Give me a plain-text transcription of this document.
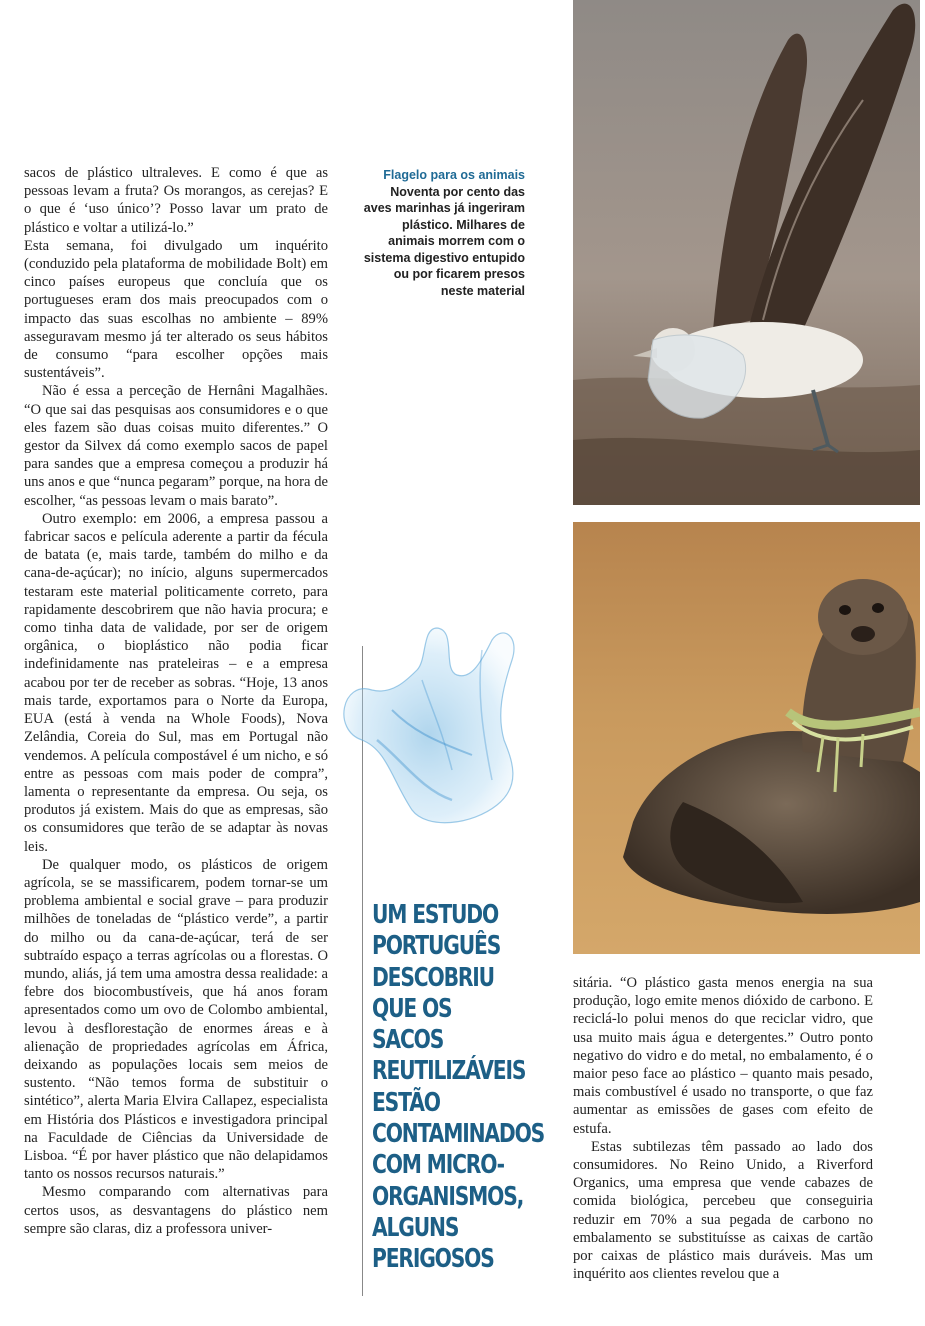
sacos de plástico ultraleves. E como é que as pessoas levam a fruta? Os morangos, as cerejas? E o que é ‘uso único’? Posso lavar um prato de plástico e voltar a utilizá-lo.”

Esta semana, foi divulgado um inquérito (conduzido pela plataforma de mobilidade Bolt) em cinco países europeus que concluía que os portugueses eram dos mais preocupados com o impacto das suas escolhas no ambiente – 89% asseguravam mesmo já ter alterado os seus hábitos de consumo “para escolher opções mais sustentáveis”.

Não é essa a perceção de Hernâni Magalhães. “O que sai das pesquisas aos consumidores e o que eles fazem são duas coisas muito diferentes.” O gestor da Silvex dá como exemplo sacos de papel para sandes que a empresa começou a produzir há uns anos e que “nunca pegaram” porque, na hora de escolher, “as pessoas levam o mais barato”.

Outro exemplo: em 2006, a empresa passou a fabricar sacos e película aderente a partir da fécula de batata (e, mais tarde, também do milho e da cana-de-açúcar); no início, alguns supermercados testaram este material politicamente correto, para rapidamente descobrirem que não havia procura; e como tinha data de validade, por ser de origem orgânica, o bioplástico não podia ficar indefinidamente nas prateleiras – e a empresa acabou por ter de receber as sobras. “Hoje, 13 anos mais tarde, exportamos para o Norte da Europa, EUA (está à venda na Whole Foods), Nova Zelândia, Coreia do Sul, mas em Portugal não vendemos. A película compostável é um nicho, e só entre as pessoas com mais poder de compra”, lamenta o representante da empresa. Ou seja, os produtos já existem. Mais do que as empresas, são os consumidores que terão de se adaptar às novas leis.

De qualquer modo, os plásticos de origem agrícola, se se massificarem, podem tornar-se um problema ambiental e social grave – para produzir milhões de toneladas de “plástico verde”, a partir do milho ou da cana-de-açúcar, terá de ser subtraído espaço a terras agrícolas ou a florestas. O mundo, aliás, já tem uma amostra dessa realidade: a febre dos biocombustíveis, que há anos foram apresentados como um ovo de Colombo ambiental, levou à desflorestação de enormes áreas e à alienação de propriedades agrícolas em África, deixando as populações locais sem meios de sustento. “Não temos forma de substituir o sintético”, alerta Maria Elvira Callapez, especialista em História dos Plásticos e investigadora principal na Faculdade de Ciências da Universidade de Lisboa. “É por haver plástico que não delapidamos tanto os nossos recursos naturais.”

Mesmo comparando com alternativas para certos usos, as desvantagens do plástico nem sempre são claras, diz a professora univer-

Flagelo para os animais Noventa por cento das aves marinhas já ingeriram plástico. Milhares de animais morrem com o sistema digestivo entupido ou por ficarem presos neste material
UM ESTUDO
PORTUGUÊS
DESCOBRIU
QUE OS SACOS
REUTILIZÁVEIS
ESTÃO
CONTAMINADOS
COM MICRO-
ORGANISMOS,
ALGUNS
PERIGOSOS

sitária. “O plástico gasta menos energia na sua produção, logo emite menos dióxido de carbono. E reciclá-lo polui menos do que reciclar vidro, que usa muito mais água e detergentes.” Outro ponto negativo do vidro e do metal, no embalamento, é o maior peso face ao plástico – quanto mais pesado, mais combustível é usado no transporte, o que faz aumentar as emissões de gases com efeito de estufa.

Estas subtilezas têm passado ao lado dos consumidores. No Reino Unido, a Riverford Organics, uma empresa que vende cabazes de comida biológica, percebeu que conseguiria reduzir em 70% a sua pegada de carbono no embalamento se substituísse as caixas de cartão por caixas de plástico mais duráveis. Mas um inquérito aos clientes revelou que a
